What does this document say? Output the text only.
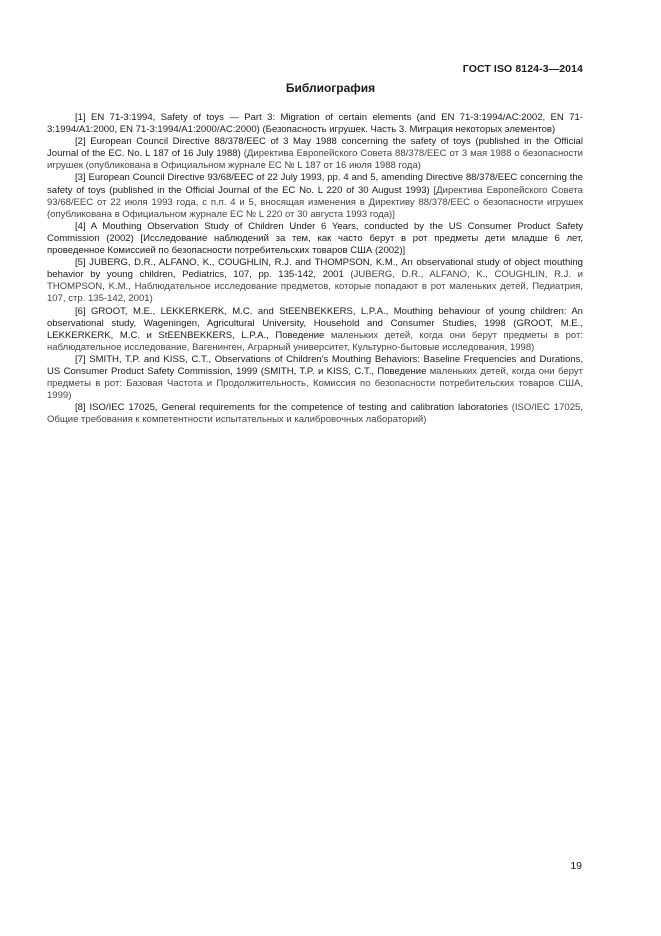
ГОСТ ISO 8124-3—2014
Библиография

[1] EN 71-3:1994, Safety of toys — Part 3: Migration of certain elements (and EN 71-3:1994/AC:2002, EN 71-3:1994/A1:2000, EN 71-3:1994/A1:2000/AC:2000) (Безопасность игрушек. Часть 3. Миграция некоторых элементов)

[2] European Council Directive 88/378/EEC of 3 May 1988 concerning the safety of toys (published in the Official Journal of the EC. No. L 187 of 16 July 1988) (Директива Европейского Совета 88/378/EEC от 3 мая 1988 о безопасности игрушек (опубликована в Официальном журнале ЕС № L 187 от 16 июля 1988 года)

[3] European Council Directive 93/68/EEC of 22 July 1993, pp. 4 and 5, amending Directive 88/378/EEC concerning the safety of toys (published in the Official Journal of the EC No. L 220 of 30 August 1993) [Директива Европейского Совета 93/68/EEC от 22 июля 1993 года, с п.п. 4 и 5, вносящая изменения в Директиву 88/378/EEC о безопасности игрушек (опубликована в Официальном журнале ЕС № L 220 от 30 августа 1993 года)]

[4] A Mouthing Observation Study of Children Under 6 Years, conducted by the US Consumer Product Safety Commission (2002) [Исследование наблюдений за тем, как часто берут в рот предметы дети младше 6 лет, проведенное Комиссией по безопасности потребительских товаров США (2002)]

[5] JUBERG, D.R., ALFANO, K., COUGHLIN, R.J. and THOMPSON, K.M., An observational study of object mouthing behavior by young children, Pediatrics, 107, pp. 135-142, 2001 (JUBERG, D.R., ALFANO, K., COUGHLIN, R.J. и THOMPSON, K.M., Наблюдательное исследование предметов, которые попадают в рот маленьких детей, Педиатрия, 107, стр. 135-142, 2001)

[6] GROOT, M.E., LEKKERKERK, M.C. and StEENBEKKERS, L.P.A., Mouthing behaviour of young children: An observational study, Wageningen, Agricultural University, Household and Consumer Studies, 1998 (GROOT, M.E., LEKKERKERK, M.C. и StEENBEKKERS, L.P.A., Поведение маленьких детей, когда они берут предметы в рот: наблюдательное исследование, Вагенинген, Аграрный университет, Культурно-бытовые исследования, 1998)

[7] SMITH, T.P. and KISS, C.T., Observations of Children's Mouthing Behaviors: Baseline Frequencies and Durations, US Consumer Product Safety Commission, 1999 (SMITH, T.P. и KISS, C.T., Поведение маленьких детей, когда они берут предметы в рот: Базовая Частота и Продолжительность, Комиссия по безопасности потребительских товаров США, 1999)

[8] ISO/IEC 17025, General requirements for the competence of testing and calibration laboratories (ISO/IEC 17025, Общие требования к компетентности испытательных и калибровочных лабораторий)

19
